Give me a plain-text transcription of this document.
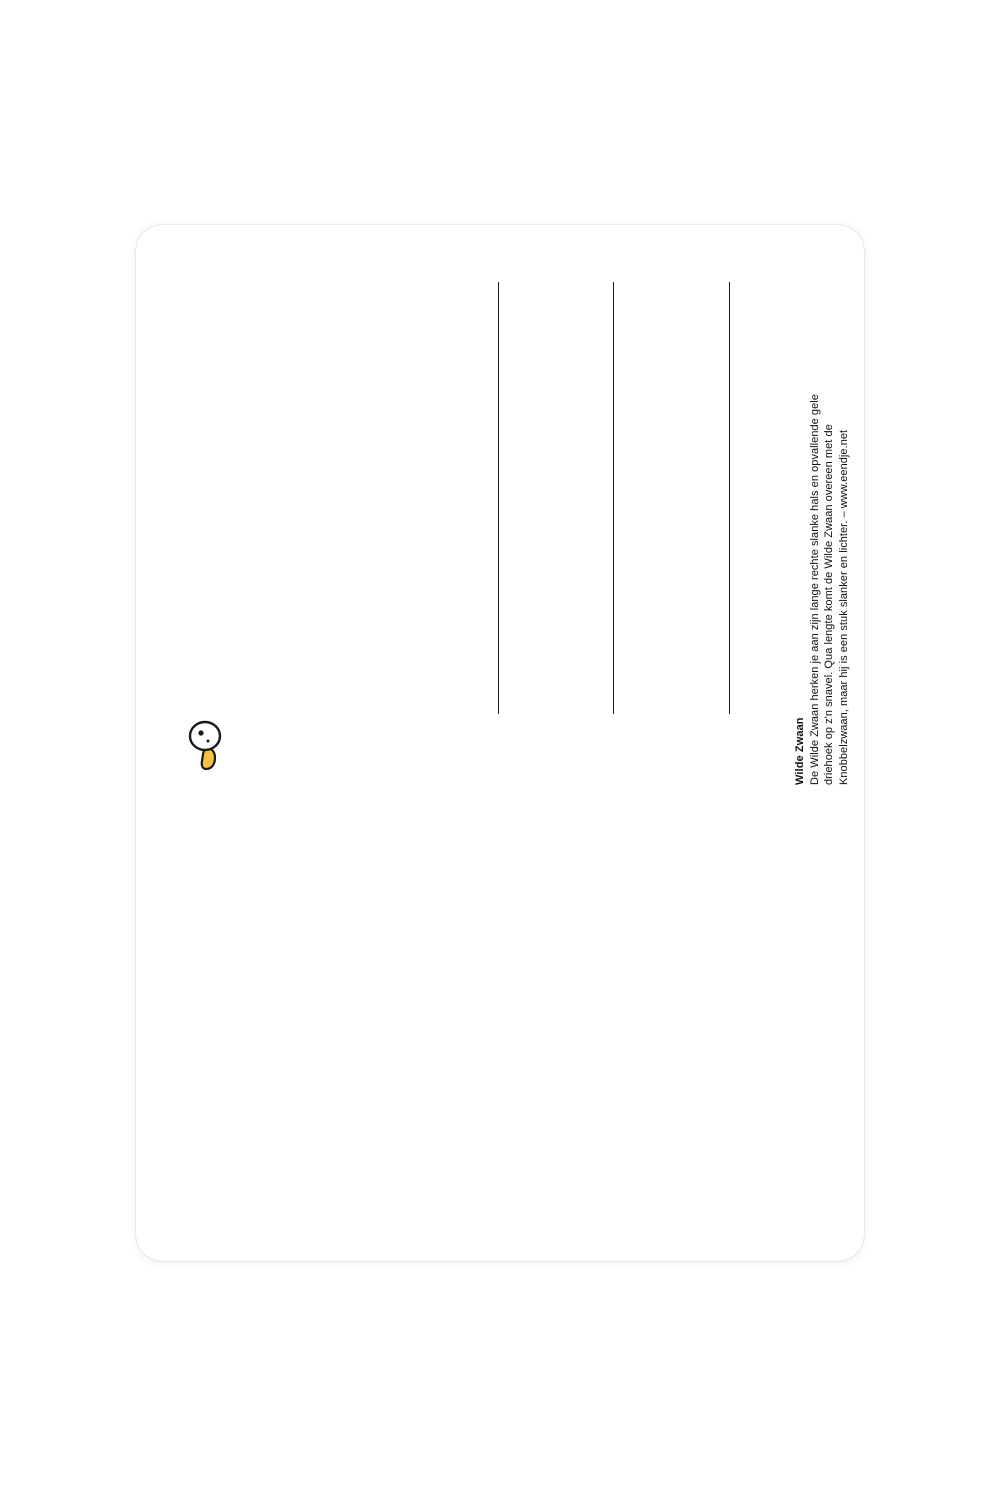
Wilde Zwaan De Wilde Zwaan herken je aan zijn lange rechte slanke hals en opvallende gele driehoek op z'n snavel. Qua lengte komt de Wilde Zwaan overeen met de Knobbelzwaan, maar hij is een stuk slanker en lichter. – www.eendje.net
